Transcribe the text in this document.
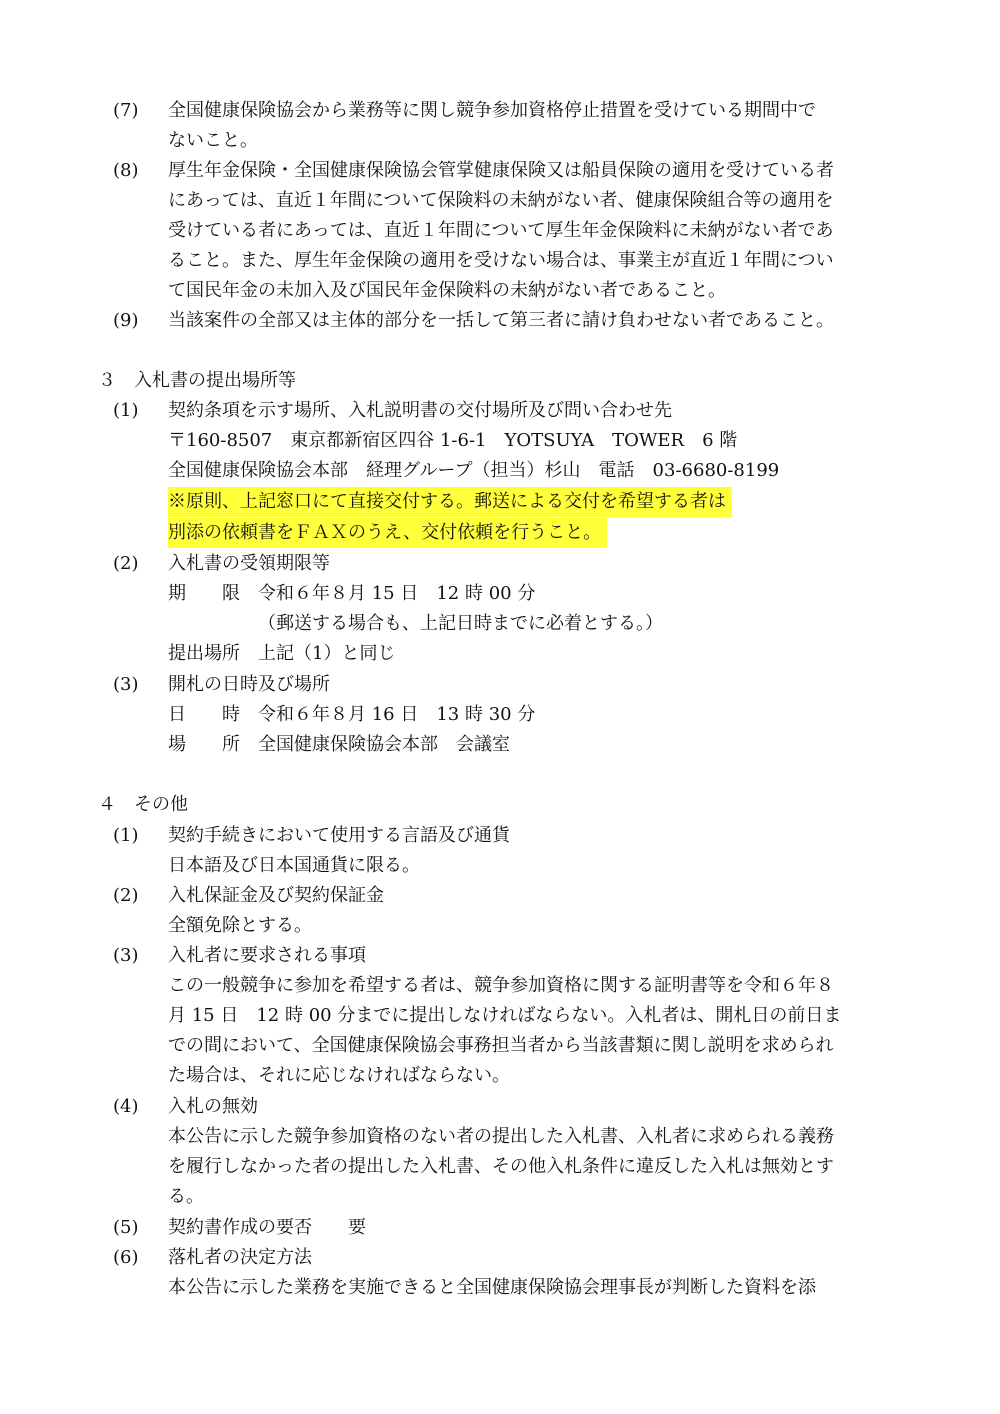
(7) 全国健康保険協会から業務等に関し競争参加資格停止措置を受けている期間中で
ないこと。
(8) 厚生年金保険・全国健康保険協会管掌健康保険又は船員保険の適用を受けている者
にあっては、直近１年間について保険料の未納がない者、健康保険組合等の適用を
受けている者にあっては、直近１年間について厚生年金保険料に未納がない者であ
ること。また、厚生年金保険の適用を受けない場合は、事業主が直近１年間につい
て国民年金の未加入及び国民年金保険料の未納がない者であること。
(9) 当該案件の全部又は主体的部分を一括して第三者に請け負わせない者であること。
３　入札書の提出場所等
(1) 契約条項を示す場所、入札説明書の交付場所及び問い合わせ先
〒160-8507　東京都新宿区四谷 1-6-1　YOTSUYA　TOWER　6 階
全国健康保険協会本部　経理グループ（担当）杉山　電話　03-6680-8199
※原則、上記窓口にて直接交付する。郵送による交付を希望する者は
別添の依頼書をＦＡＸのうえ、交付依頼を行うこと。
(2) 入札書の受領期限等
期　　限　令和６年８月 15 日　12 時 00 分
（郵送する場合も、上記日時までに必着とする。）
提出場所　上記（1）と同じ
(3) 開札の日時及び場所
日　　時　令和６年８月 16 日　13 時 30 分
場　　所　全国健康保険協会本部　会議室
４　その他
(1) 契約手続きにおいて使用する言語及び通貨
日本語及び日本国通貨に限る。
(2) 入札保証金及び契約保証金
全額免除とする。
(3) 入札者に要求される事項
この一般競争に参加を希望する者は、競争参加資格に関する証明書等を令和６年８
月 15 日　12 時 00 分までに提出しなければならない。入札者は、開札日の前日ま
での間において、全国健康保険協会事務担当者から当該書類に関し説明を求められ
た場合は、それに応じなければならない。
(4) 入札の無効
本公告に示した競争参加資格のない者の提出した入札書、入札者に求められる義務
を履行しなかった者の提出した入札書、その他入札条件に違反した入札は無効とす
る。
(5) 契約書作成の要否　　要
(6) 落札者の決定方法
本公告に示した業務を実施できると全国健康保険協会理事長が判断した資料を添
